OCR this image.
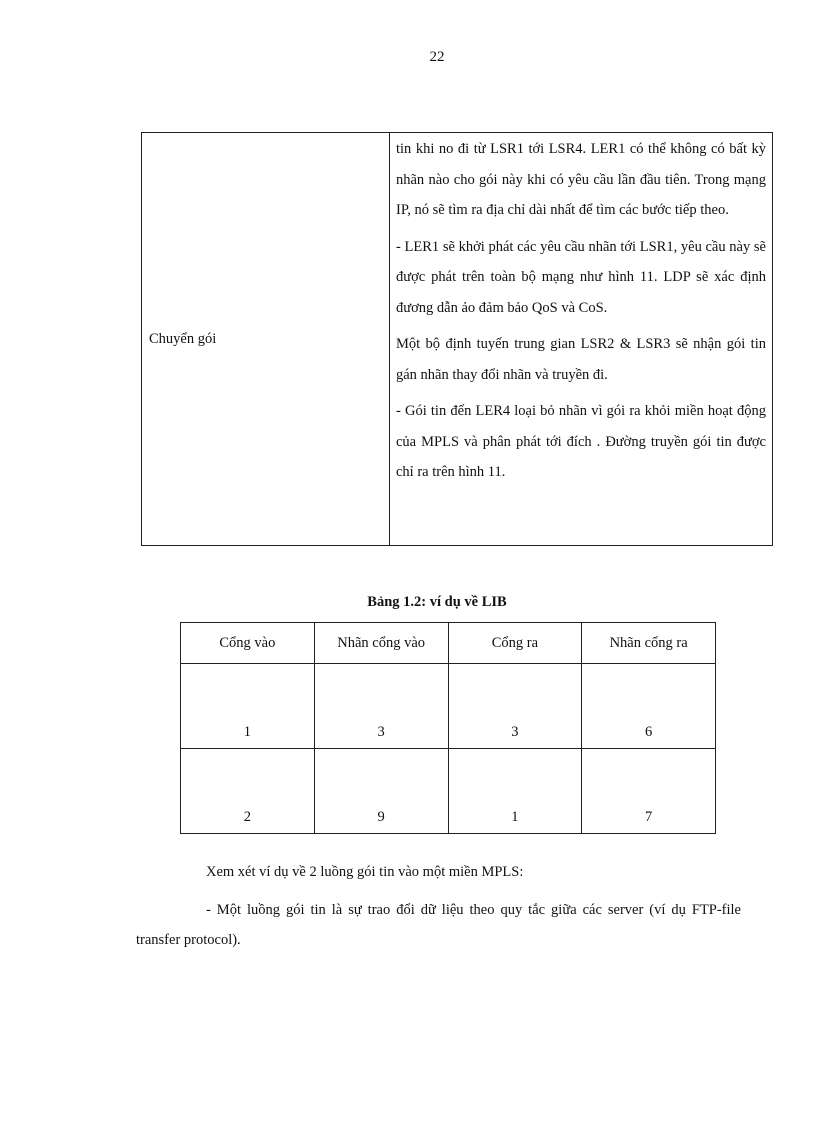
22
Chuyển gói	

tin khi no đi từ LSR1 tới LSR4. LER1 có thể không có bất kỳ nhãn nào cho gói này khi có yêu cầu lần đầu tiên. Trong mạng IP, nó sẽ tìm ra địa chỉ dài nhất để tìm các bước tiếp theo.

- LER1 sẽ khởi phát các yêu cầu nhãn tới LSR1, yêu cầu này sẽ được phát trên toàn bộ mạng như hình 11. LDP sẽ xác định đương dẫn ảo đảm bảo QoS và CoS.

Một bộ định tuyến trung gian LSR2 & LSR3 sẽ nhận gói tin gán nhãn thay đổi nhãn và truyền đi.

- Gói tin đến LER4 loại bỏ nhãn vì gói ra khỏi miền hoạt động của MPLS và phân phát tới đích . Đường truyền gói tin được chỉ ra trên hình 11.

Bảng 1.2: ví dụ về LIB
Cổng vào	Nhãn cổng vào	Cổng ra	Nhãn cổng ra
1	3	3	6
2	9	1	7
Xem xét ví dụ về 2 luồng gói tin vào một miền MPLS:
- Một luồng gói tin là sự trao đổi dữ liệu theo quy tắc giữa các server (ví dụ FTP-file transfer protocol).
